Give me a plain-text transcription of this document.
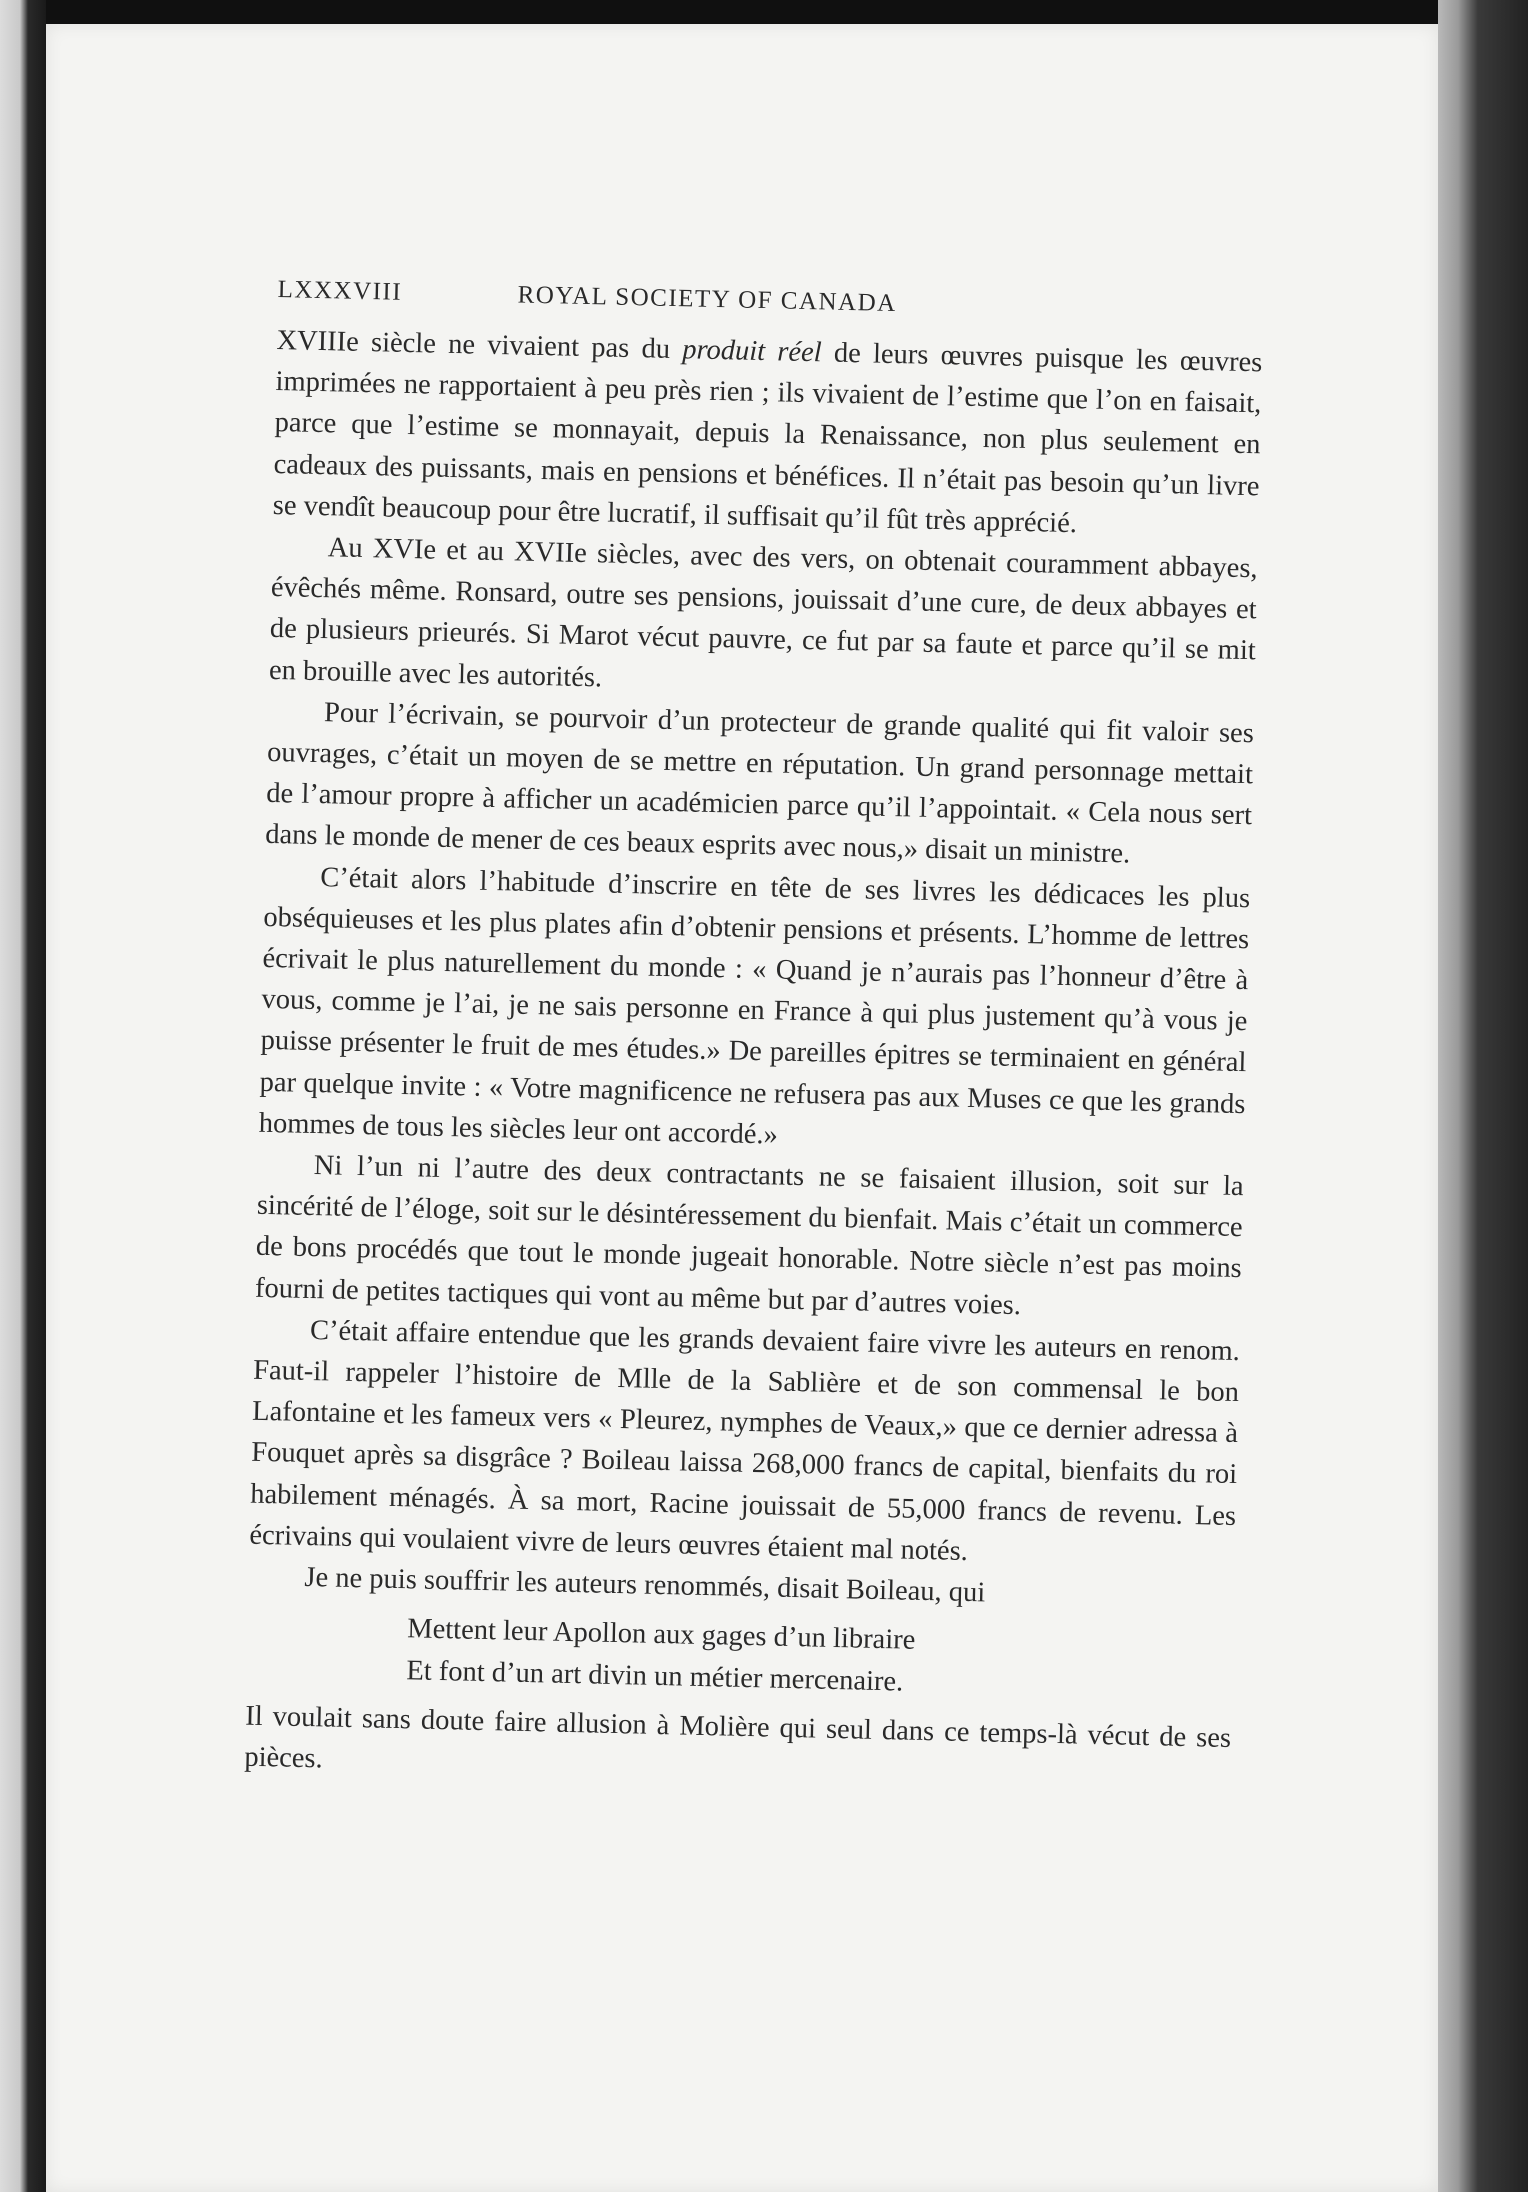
LXXXVIII	ROYAL SOCIETY OF CANADA

XVIIIe siècle ne vivaient pas du produit réel de leurs œuvres puisque les œuvres imprimées ne rapportaient à peu près rien ; ils vivaient de l’estime que l’on en faisait, parce que l’estime se monnayait, depuis la Renaissance, non plus seulement en cadeaux des puissants, mais en pensions et bénéfices. Il n’était pas besoin qu’un livre se vendît beaucoup pour être lucratif, il suffisait qu’il fût très apprécié.

Au XVIe et au XVIIe siècles, avec des vers, on obtenait couramment abbayes, évêchés même. Ronsard, outre ses pensions, jouissait d’une cure, de deux abbayes et de plusieurs prieurés. Si Marot vécut pauvre, ce fut par sa faute et parce qu’il se mit en brouille avec les autorités.

Pour l’écrivain, se pourvoir d’un protecteur de grande qualité qui fit valoir ses ouvrages, c’était un moyen de se mettre en réputation. Un grand personnage mettait de l’amour propre à afficher un académicien parce qu’il l’appointait. « Cela nous sert dans le monde de mener de ces beaux esprits avec nous,» disait un ministre.

C’était alors l’habitude d’inscrire en tête de ses livres les dédicaces les plus obséquieuses et les plus plates afin d’obtenir pensions et présents. L’homme de lettres écrivait le plus naturellement du monde : « Quand je n’aurais pas l’honneur d’être à vous, comme je l’ai, je ne sais personne en France à qui plus justement qu’à vous je puisse présenter le fruit de mes études.» De pareilles épitres se terminaient en général par quelque invite : « Votre magnificence ne refusera pas aux Muses ce que les grands hommes de tous les siècles leur ont accordé.»

Ni l’un ni l’autre des deux contractants ne se faisaient illusion, soit sur la sincérité de l’éloge, soit sur le désintéressement du bienfait. Mais c’était un commerce de bons procédés que tout le monde jugeait honorable. Notre siècle n’est pas moins fourni de petites tactiques qui vont au même but par d’autres voies.

C’était affaire entendue que les grands devaient faire vivre les auteurs en renom. Faut-il rappeler l’histoire de Mlle de la Sablière et de son commensal le bon Lafontaine et les fameux vers « Pleurez, nymphes de Veaux,» que ce dernier adressa à Fouquet après sa disgrâce ? Boileau laissa 268,000 francs de capital, bienfaits du roi habilement ménagés. À sa mort, Racine jouissait de 55,000 francs de revenu. Les écrivains qui voulaient vivre de leurs œuvres étaient mal notés.

Je ne puis souffrir les auteurs renommés, disait Boileau, qui

Mettent leur Apollon aux gages d’un libraire
Et font d’un art divin un métier mercenaire.

Il voulait sans doute faire allusion à Molière qui seul dans ce temps-là vécut de ses pièces.
